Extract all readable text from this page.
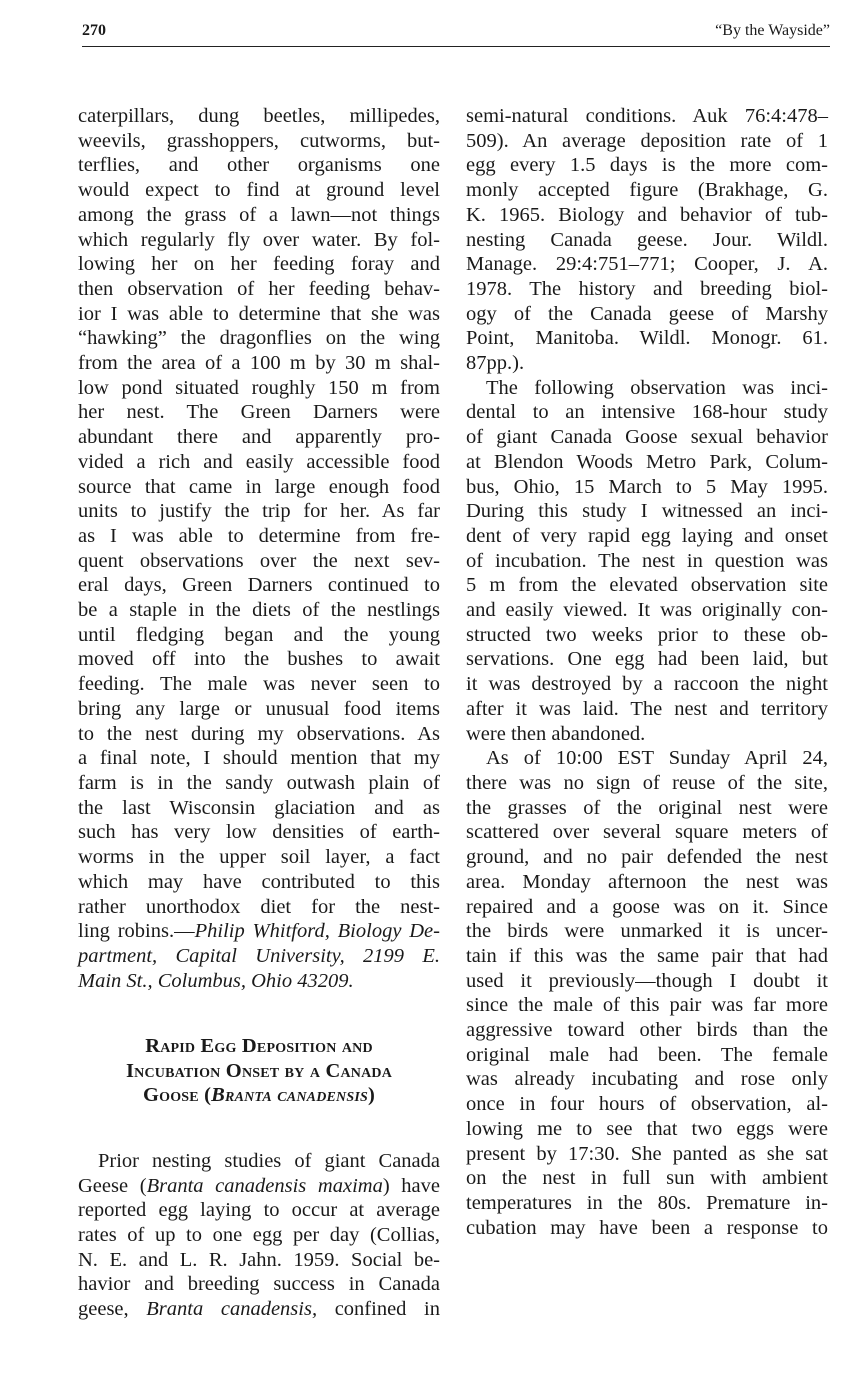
270	“By the Wayside”
caterpillars, dung beetles, millipedes,
weevils, grasshoppers, cutworms, but-
terflies, and other organisms one
would expect to find at ground level
among the grass of a lawn—not things
which regularly fly over water. By fol-
lowing her on her feeding foray and
then observation of her feeding behav-
ior I was able to determine that she was
“hawking” the dragonflies on the wing
from the area of a 100 m by 30 m shal-
low pond situated roughly 150 m from
her nest. The Green Darners were
abundant there and apparently pro-
vided a rich and easily accessible food
source that came in large enough food
units to justify the trip for her. As far
as I was able to determine from fre-
quent observations over the next sev-
eral days, Green Darners continued to
be a staple in the diets of the nestlings
until fledging began and the young
moved off into the bushes to await
feeding. The male was never seen to
bring any large or unusual food items
to the nest during my observations. As
a final note, I should mention that my
farm is in the sandy outwash plain of
the last Wisconsin glaciation and as
such has very low densities of earth-
worms in the upper soil layer, a fact
which may have contributed to this
rather unorthodox diet for the nest-
ling robins.—Philip Whitford, Biology De-
partment, Capital University, 2199 E.
Main St., Columbus, Ohio 43209.
Rapid Egg Deposition and
Incubation Onset by a Canada
Goose (Branta canadensis)
Prior nesting studies of giant Canada
Geese (Branta canadensis maxima) have
reported egg laying to occur at average
rates of up to one egg per day (Collias,
N. E. and L. R. Jahn. 1959. Social be-
havior and breeding success in Canada
geese, Branta canadensis, confined in
semi-natural conditions. Auk 76:4:478–
509). An average deposition rate of 1
egg every 1.5 days is the more com-
monly accepted figure (Brakhage, G.
K. 1965. Biology and behavior of tub-
nesting Canada geese. Jour. Wildl.
Manage. 29:4:751–771; Cooper, J. A.
1978. The history and breeding biol-
ogy of the Canada geese of Marshy
Point, Manitoba. Wildl. Monogr. 61.
87pp.).
The following observation was inci-
dental to an intensive 168-hour study
of giant Canada Goose sexual behavior
at Blendon Woods Metro Park, Colum-
bus, Ohio, 15 March to 5 May 1995.
During this study I witnessed an inci-
dent of very rapid egg laying and onset
of incubation. The nest in question was
5 m from the elevated observation site
and easily viewed. It was originally con-
structed two weeks prior to these ob-
servations. One egg had been laid, but
it was destroyed by a raccoon the night
after it was laid. The nest and territory
were then abandoned.
As of 10:00 EST Sunday April 24,
there was no sign of reuse of the site,
the grasses of the original nest were
scattered over several square meters of
ground, and no pair defended the nest
area. Monday afternoon the nest was
repaired and a goose was on it. Since
the birds were unmarked it is uncer-
tain if this was the same pair that had
used it previously—though I doubt it
since the male of this pair was far more
aggressive toward other birds than the
original male had been. The female
was already incubating and rose only
once in four hours of observation, al-
lowing me to see that two eggs were
present by 17:30. She panted as she sat
on the nest in full sun with ambient
temperatures in the 80s. Premature in-
cubation may have been a response to
